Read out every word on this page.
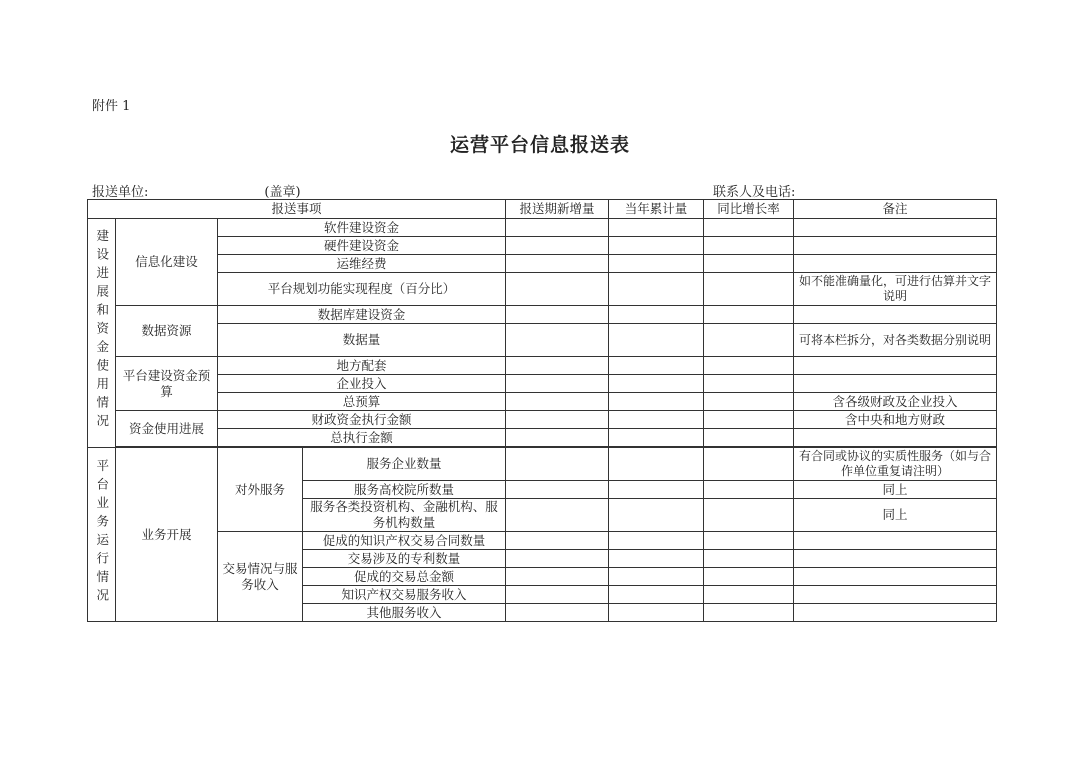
附件 1
运营平台信息报送表
报送单位:	(盖章)	联系人及电话:
报送事项				报送期新增量	当年累计量	同比增长率	备注
建设进展和资金使用情况	信息化建设	软件建设资金					
		硬件建设资金					
		运维经费					
		平台规划功能实现程度（百分比）					如不能准确量化，可进行估算并文字说明
	数据资源	数据库建设资金					
		数据量					可将本栏拆分，对各类数据分别说明
	平台建设资金预算	地方配套					
		企业投入					
		总预算					含各级财政及企业投入
	资金使用进展	财政资金执行金额					含中央和地方财政
		总执行金额					

平台业务运行情况	业务开展	对外服务	服务企业数量				有合同或协议的实质性服务（如与合作单位重复请注明）
			服务高校院所数量				同上
			服务各类投资机构、金融机构、服务机构数量				同上
		交易情况与服务收入	促成的知识产权交易合同数量				
			交易涉及的专利数量				
			促成的交易总金额				
			知识产权交易服务收入				
			其他服务收入				
